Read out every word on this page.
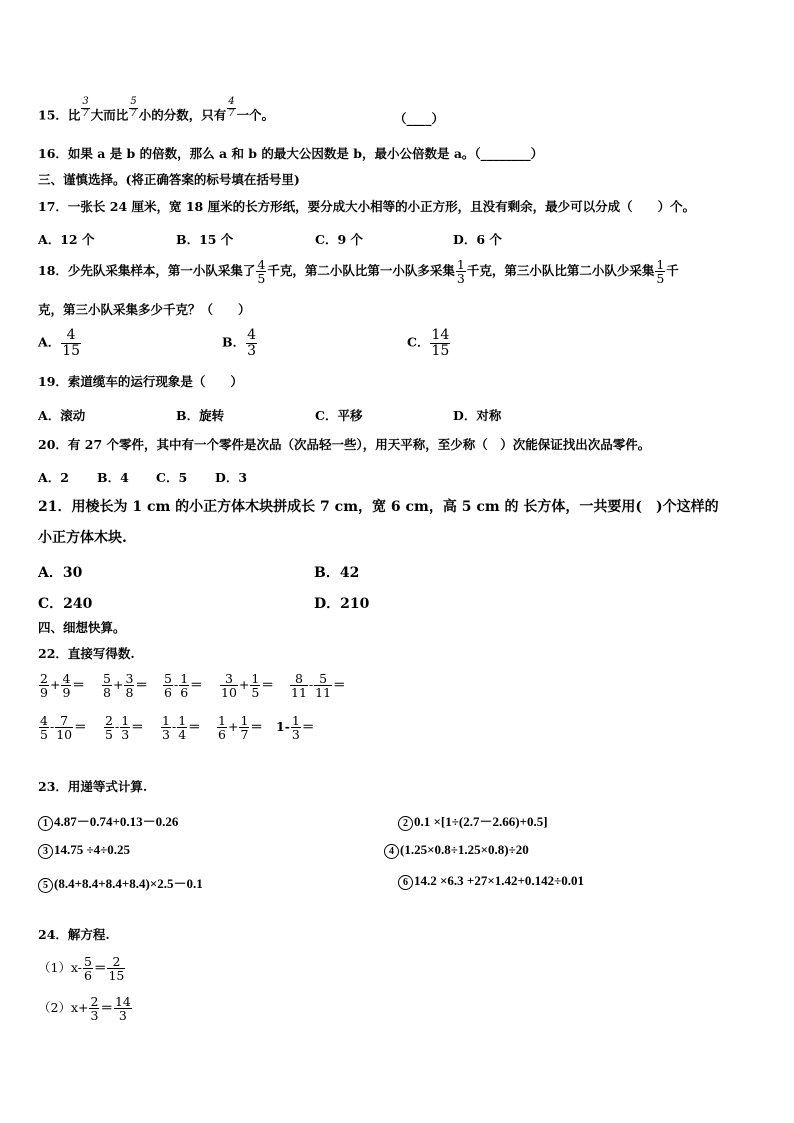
15．比 $\frac{3}{7}$ 大而比 $\frac{5}{7}$ 小的分数，只有 $\frac{4}{7}$ 一个。	（____）
16．如果 a 是 b 的倍数，那么 a 和 b 的最大公因数是 b，最小公倍数是 a。（________）
三、谨慎选择。(将正确答案的标号填在括号里)
17．一张长 24 厘米，宽 18 厘米的长方形纸，要分成大小相等的小正方形，且没有剩余，最少可以分成（　　）个。
A．12 个	B．15 个	C．9 个	D．6 个
18．少先队采集样本，第一小队采集了 $\frac{4}{5}$ 千克，第二小队比第一小队多采集 $\frac{1}{3}$ 千克，第三小队比第二小队少采集 $\frac{1}{5}$ 千
克，第三小队采集多少千克？（　　）
A． $\frac{4}{15}$	B． $\frac{4}{3}$	C． $\frac{14}{15}$
19．索道缆车的运行现象是（　　）
A．滚动	B．旋转	C．平移	D．对称
20．有 27 个零件，其中有一个零件是次品（次品轻一些），用天平称，至少称（　）次能保证找出次品零件。
A．2 B．4 C．5 D．3
21．用棱长为 1 cm 的小正方体木块拼成长 7 cm，宽 6 cm，高 5 cm 的 长方体，一共要用(　)个这样的
小正方体木块.
A．30	B．42
C．240	D．210
四、细想快算。
22．直接写得数.
$\frac{2}{9} + \frac{4}{9} = \frac{5}{8} + \frac{3}{8} = \frac{5}{6} - \frac{1}{6} = \frac{3}{10} + \frac{1}{5} = \frac{8}{11} - \frac{5}{11}$ ＝
$\frac{4}{5} - \frac{7}{10} = \frac{2}{5} - \frac{1}{3} = \frac{1}{3} - \frac{1}{4} = \frac{1}{6} + \frac{1}{7} = 1- \frac{1}{3}$ ＝
23．用递等式计算.
1 4.87－0.74+0.13－0.26	2 0.1 ×[1÷(2.7－2.66)+0.5]
3 14.75 ÷4÷0.25	4 (1.25×0.8÷1.25×0.8)÷20
5 (8.4+8.4+8.4+8.4)×2.5－0.1	6 14.2 ×6.3 +27×1.42+0.142÷0.01
24．解方程.
$(1)x- \frac{5}{6} = \frac{2}{15}$
$(2)x+ \frac{2}{3} = \frac{14}{3}$
